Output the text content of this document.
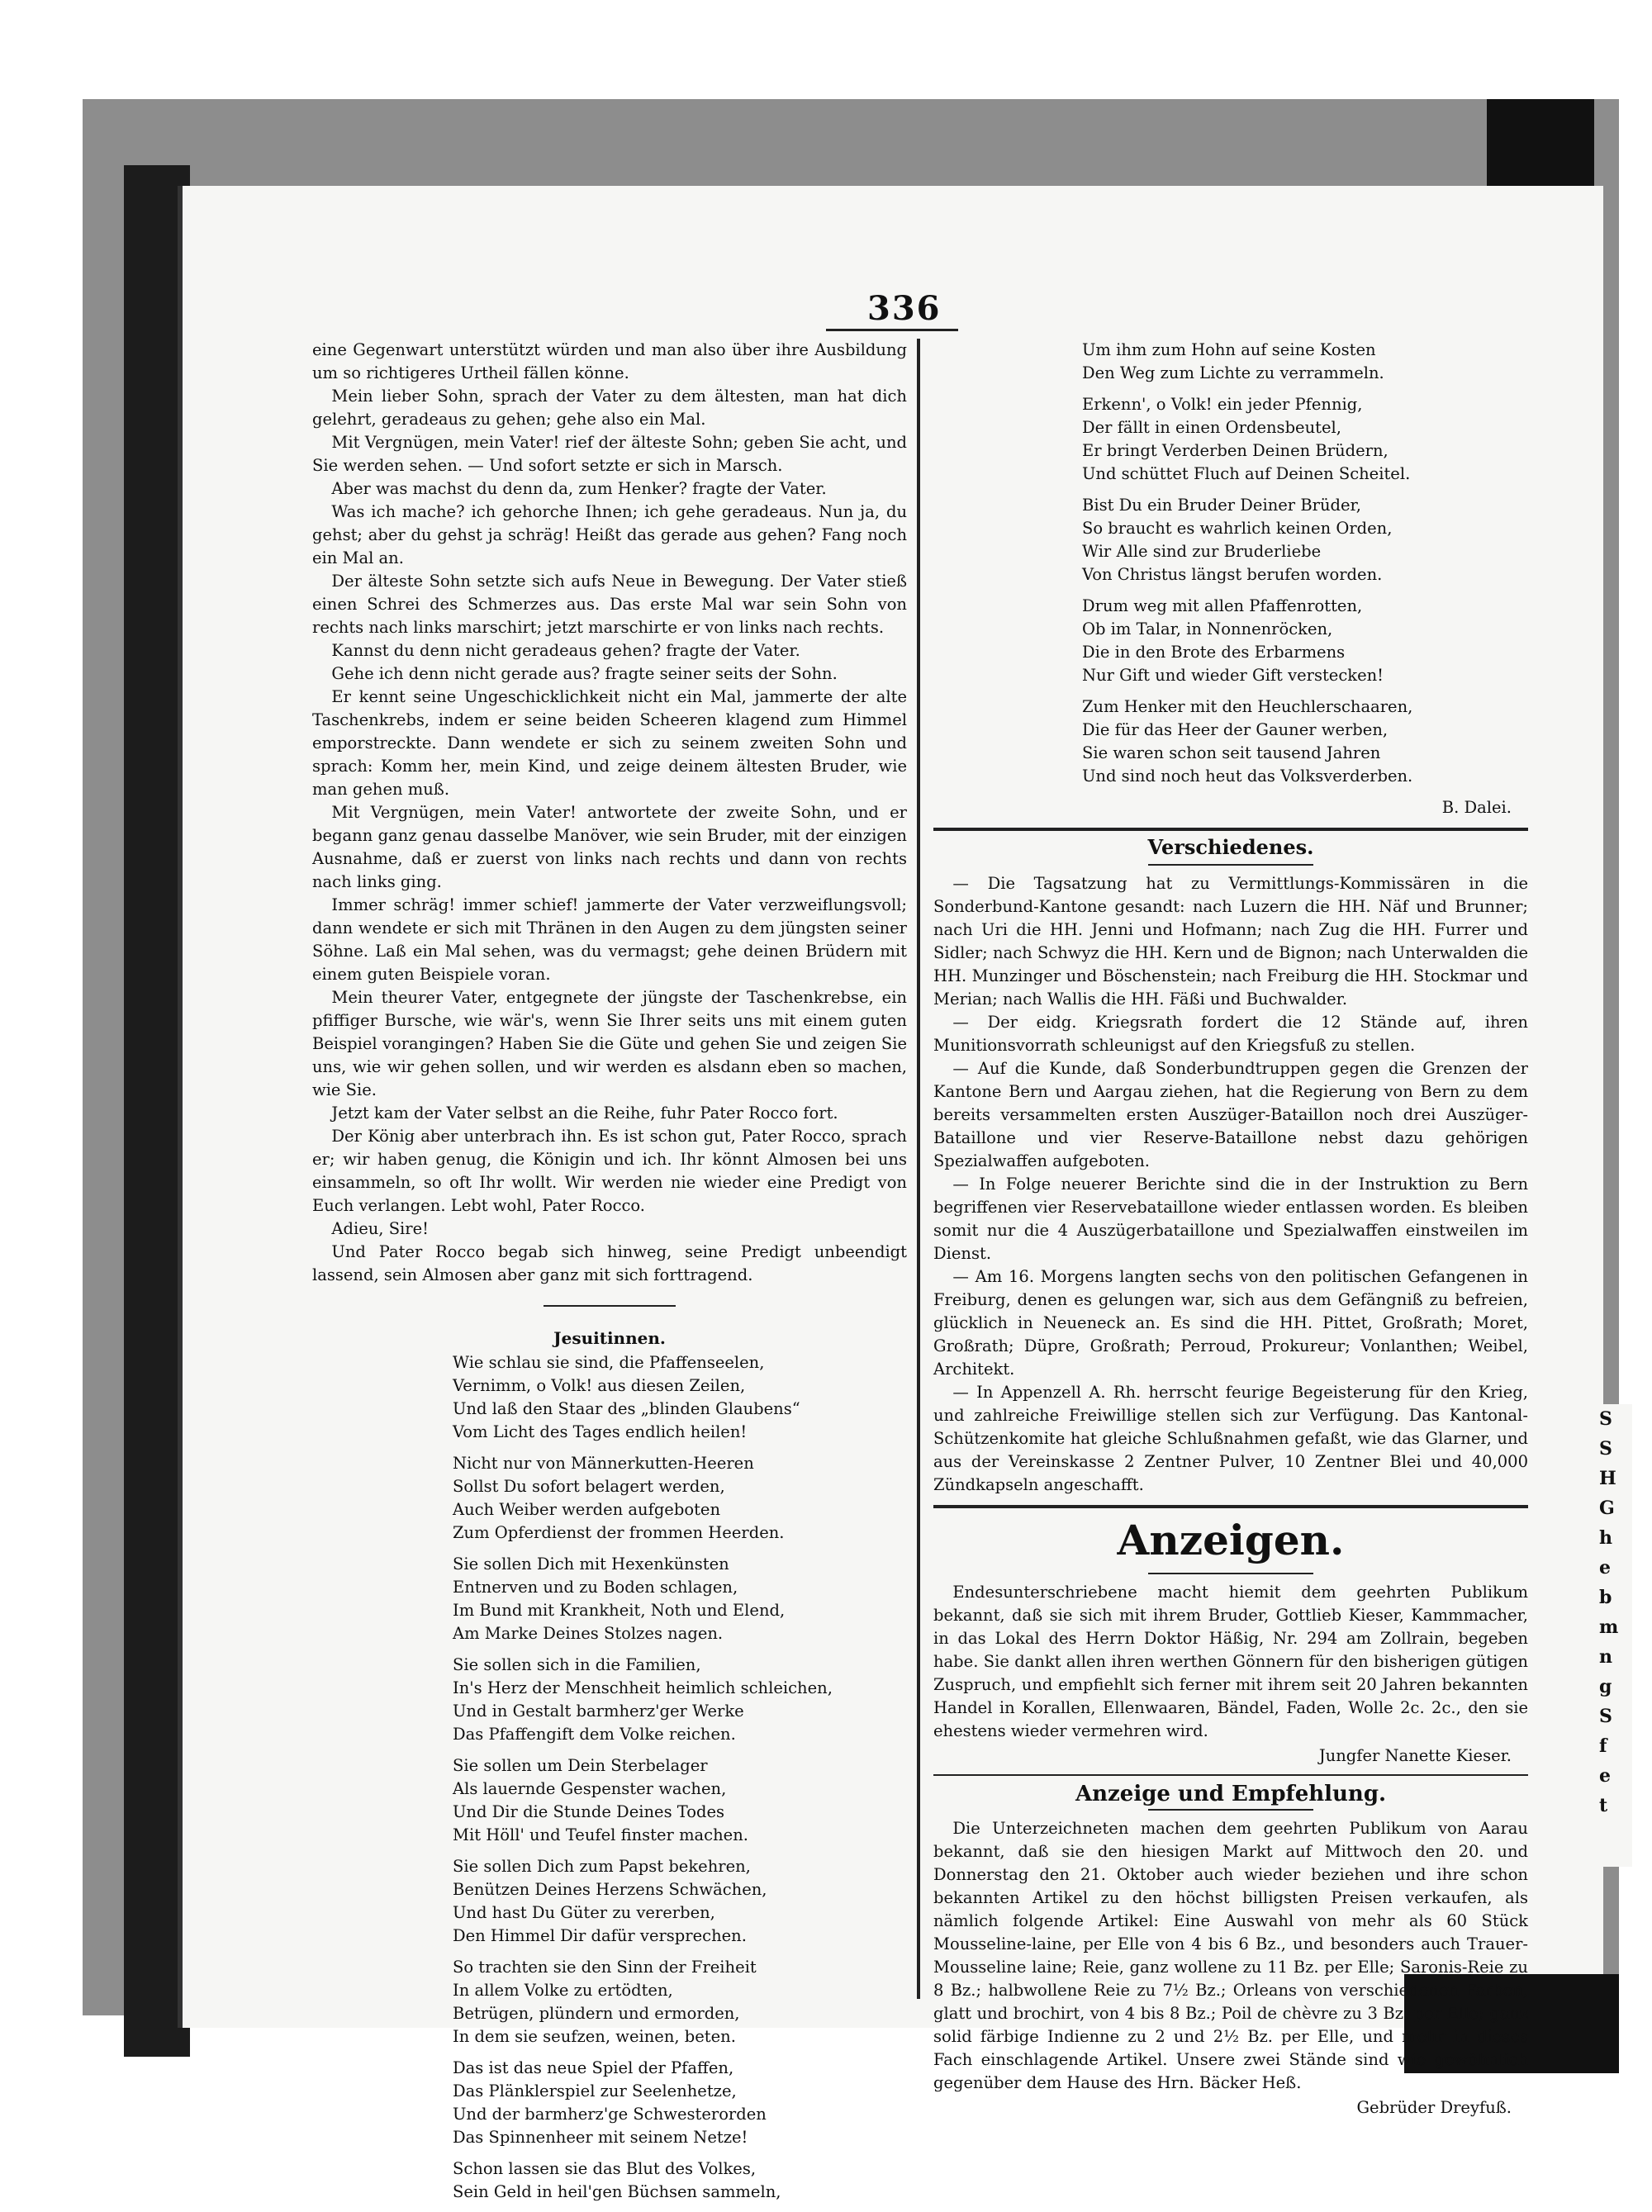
336

eine Gegenwart unterstützt würden und man also über ihre Ausbildung um so richtigeres Urtheil fällen könne.

Mein lieber Sohn, sprach der Vater zu dem ältesten, man hat dich gelehrt, geradeaus zu gehen; gehe also ein Mal.

Mit Vergnügen, mein Vater! rief der älteste Sohn; geben Sie acht, und Sie werden sehen. — Und sofort setzte er sich in Marsch.

Aber was machst du denn da, zum Henker? fragte der Vater.

Was ich mache? ich gehorche Ihnen; ich gehe geradeaus. Nun ja, du gehst; aber du gehst ja schräg! Heißt das gerade aus gehen? Fang noch ein Mal an.

Der älteste Sohn setzte sich aufs Neue in Bewegung. Der Vater stieß einen Schrei des Schmerzes aus. Das erste Mal war sein Sohn von rechts nach links marschirt; jetzt marschirte er von links nach rechts.

Kannst du denn nicht geradeaus gehen? fragte der Vater.

Gehe ich denn nicht gerade aus? fragte seiner seits der Sohn.

Er kennt seine Ungeschicklichkeit nicht ein Mal, jammerte der alte Taschenkrebs, indem er seine beiden Scheeren klagend zum Himmel emporstreckte. Dann wendete er sich zu seinem zweiten Sohn und sprach: Komm her, mein Kind, und zeige deinem ältesten Bruder, wie man gehen muß.

Mit Vergnügen, mein Vater! antwortete der zweite Sohn, und er begann ganz genau dasselbe Manöver, wie sein Bruder, mit der einzigen Ausnahme, daß er zuerst von links nach rechts und dann von rechts nach links ging.

Immer schräg! immer schief! jammerte der Vater verzweiflungsvoll; dann wendete er sich mit Thränen in den Augen zu dem jüngsten seiner Söhne. Laß ein Mal sehen, was du vermagst; gehe deinen Brüdern mit einem guten Beispiele voran.

Mein theurer Vater, entgegnete der jüngste der Taschenkrebse, ein pfiffiger Bursche, wie wär's, wenn Sie Ihrer seits uns mit einem guten Beispiel vorangingen? Haben Sie die Güte und gehen Sie und zeigen Sie uns, wie wir gehen sollen, und wir werden es alsdann eben so machen, wie Sie.

Jetzt kam der Vater selbst an die Reihe, fuhr Pater Rocco fort.

Der König aber unterbrach ihn. Es ist schon gut, Pater Rocco, sprach er; wir haben genug, die Königin und ich. Ihr könnt Almosen bei uns einsammeln, so oft Ihr wollt. Wir werden nie wieder eine Predigt von Euch verlangen. Lebt wohl, Pater Rocco.

Adieu, Sire!

Und Pater Rocco begab sich hinweg, seine Predigt unbeendigt lassend, sein Almosen aber ganz mit sich forttragend.

Jesuitinnen.

Wie schlau sie sind, die Pfaffenseelen,

Vernimm, o Volk! aus diesen Zeilen,

Und laß den Staar des „blinden Glaubens“

Vom Licht des Tages endlich heilen!

Nicht nur von Männerkutten-Heeren

Sollst Du sofort belagert werden,

Auch Weiber werden aufgeboten

Zum Opferdienst der frommen Heerden.

Sie sollen Dich mit Hexenkünsten

Entnerven und zu Boden schlagen,

Im Bund mit Krankheit, Noth und Elend,

Am Marke Deines Stolzes nagen.

Sie sollen sich in die Familien,

In's Herz der Menschheit heimlich schleichen,

Und in Gestalt barmherz'ger Werke

Das Pfaffengift dem Volke reichen.

Sie sollen um Dein Sterbelager

Als lauernde Gespenster wachen,

Und Dir die Stunde Deines Todes

Mit Höll' und Teufel finster machen.

Sie sollen Dich zum Papst bekehren,

Benützen Deines Herzens Schwächen,

Und hast Du Güter zu vererben,

Den Himmel Dir dafür versprechen.

So trachten sie den Sinn der Freiheit

In allem Volke zu ertödten,

Betrügen, plündern und ermorden,

In dem sie seufzen, weinen, beten.

Das ist das neue Spiel der Pfaffen,

Das Plänklerspiel zur Seelenhetze,

Und der barmherz'ge Schwesterorden

Das Spinnenheer mit seinem Netze!

Schon lassen sie das Blut des Volkes,

Sein Geld in heil'gen Büchsen sammeln,

Um ihm zum Hohn auf seine Kosten

Den Weg zum Lichte zu verrammeln.

Erkenn', o Volk! ein jeder Pfennig,

Der fällt in einen Ordensbeutel,

Er bringt Verderben Deinen Brüdern,

Und schüttet Fluch auf Deinen Scheitel.

Bist Du ein Bruder Deiner Brüder,

So braucht es wahrlich keinen Orden,

Wir Alle sind zur Bruderliebe

Von Christus längst berufen worden.

Drum weg mit allen Pfaffenrotten,

Ob im Talar, in Nonnenröcken,

Die in den Brote des Erbarmens

Nur Gift und wieder Gift verstecken!

Zum Henker mit den Heuchlerschaaren,

Die für das Heer der Gauner werben,

Sie waren schon seit tausend Jahren

Und sind noch heut das Volksverderben.

B. Dalei.

Verschiedenes.

— Die Tagsatzung hat zu Vermittlungs-Kommissären in die Sonderbund-Kantone gesandt: nach Luzern die HH. Näf und Brunner; nach Uri die HH. Jenni und Hofmann; nach Zug die HH. Furrer und Sidler; nach Schwyz die HH. Kern und de Bignon; nach Unterwalden die HH. Munzinger und Böschenstein; nach Freiburg die HH. Stockmar und Merian; nach Wallis die HH. Fäßi und Buchwalder.

— Der eidg. Kriegsrath fordert die 12 Stände auf, ihren Munitionsvorrath schleunigst auf den Kriegsfuß zu stellen.

— Auf die Kunde, daß Sonderbundtruppen gegen die Grenzen der Kantone Bern und Aargau ziehen, hat die Regierung von Bern zu dem bereits versammelten ersten Auszüger-Bataillon noch drei Auszüger-Bataillone und vier Reserve-Bataillone nebst dazu gehörigen Spezialwaffen aufgeboten.

— In Folge neuerer Berichte sind die in der Instruktion zu Bern begriffenen vier Reservebataillone wieder entlassen worden. Es bleiben somit nur die 4 Auszügerbataillone und Spezialwaffen einstweilen im Dienst.

— Am 16. Morgens langten sechs von den politischen Gefangenen in Freiburg, denen es gelungen war, sich aus dem Gefängniß zu befreien, glücklich in Neueneck an. Es sind die HH. Pittet, Großrath; Moret, Großrath; Düpre, Großrath; Perroud, Prokureur; Vonlanthen; Weibel, Architekt.

— In Appenzell A. Rh. herrscht feurige Begeisterung für den Krieg, und zahlreiche Freiwillige stellen sich zur Verfügung. Das Kantonal-Schützenkomite hat gleiche Schlußnahmen gefaßt, wie das Glarner, und aus der Vereinskasse 2 Zentner Pulver, 10 Zentner Blei und 40,000 Zündkapseln angeschafft.

Anzeigen.

Endesunterschriebene macht hiemit dem geehrten Publikum bekannt, daß sie sich mit ihrem Bruder, Gottlieb Kieser, Kammmacher, in das Lokal des Herrn Doktor Häßig, Nr. 294 am Zollrain, begeben habe. Sie dankt allen ihren werthen Gönnern für den bisherigen gütigen Zuspruch, und empfiehlt sich ferner mit ihrem seit 20 Jahren bekannten Handel in Korallen, Ellenwaaren, Bändel, Faden, Wolle 2c. 2c., den sie ehestens wieder vermehren wird.

Jungfer Nanette Kieser.

Anzeige und Empfehlung.

Die Unterzeichneten machen dem geehrten Publikum von Aarau bekannt, daß sie den hiesigen Markt auf Mittwoch den 20. und Donnerstag den 21. Oktober auch wieder beziehen und ihre schon bekannten Artikel zu den höchst billigsten Preisen verkaufen, als nämlich folgende Artikel: Eine Auswahl von mehr als 60 Stück Mousseline-laine, per Elle von 4 bis 6 Bz., und besonders auch Trauer-Mousseline laine; Reie, ganz wollene zu 11 Bz. per Elle; Saronis-Reie zu 8 Bz.; halbwollene Reie zu 7½ Bz.; Orleans von verschiedenen Farben, glatt und brochirt, von 4 bis 8 Bz.; Poil de chèvre zu 3 Bz. per Elle; ganz solid färbige Indienne zu 2 und 2½ Bz. per Elle, und mehr in dieses Fach einschlagende Artikel. Unsere zwei Stände sind wie gewöhnlich gegenüber dem Hause des Hrn. Bäcker Heß.

Gebrüder Dreyfuß.

S
S
H
G
h
e
b
m
n
g
S
f
e
t
